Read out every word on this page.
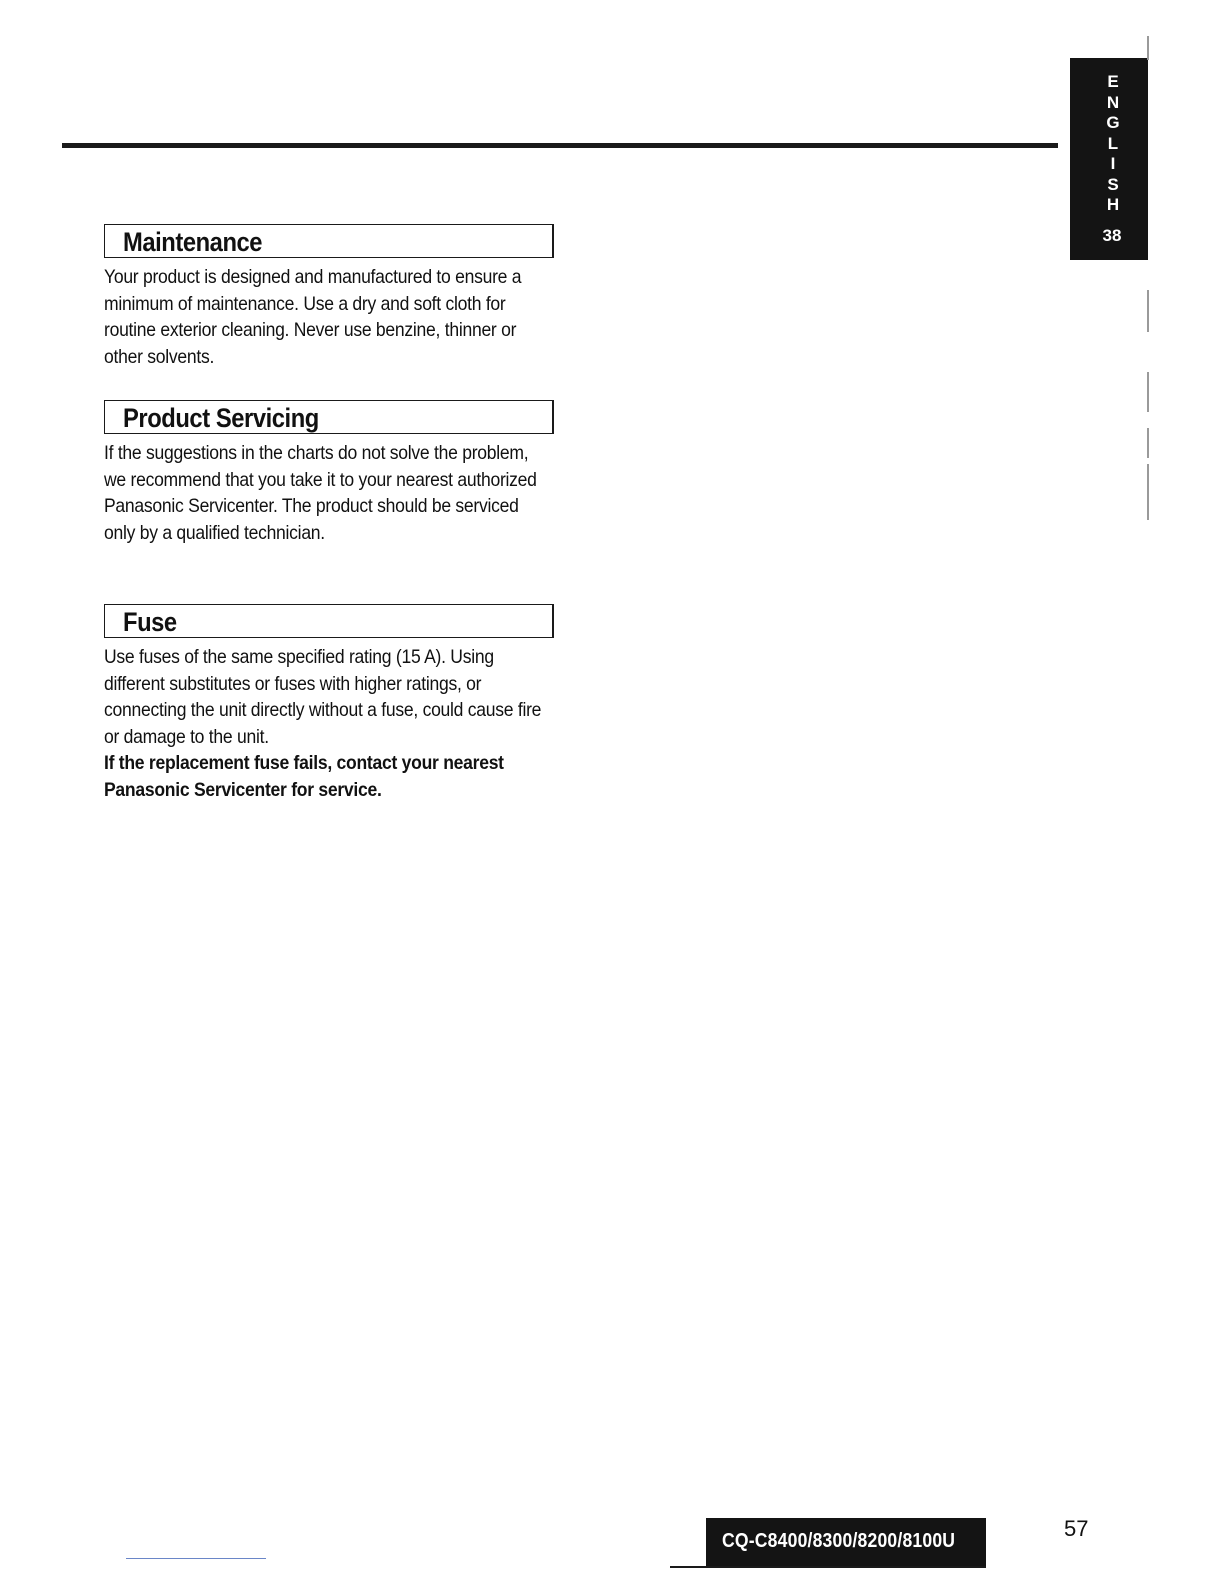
E
N
G
L
I
S
H
38
Maintenance

Your product is designed and manufactured to ensure a minimum of maintenance. Use a dry and soft cloth for routine exterior cleaning. Never use benzine, thinner or other solvents.

Product Servicing

If the suggestions in the charts do not solve the problem, we recommend that you take it to your nearest authorized Panasonic Servicenter. The product should be serviced only by a qualified technician.

Fuse

Use fuses of the same specified rating (15 A). Using different substitutes or fuses with higher ratings, or connecting the unit directly without a fuse, could cause fire or damage to the unit.

If the replacement fuse fails, contact your nearest Panasonic Servicenter for service.

CQ-C8400/8300/8200/8100U	57
